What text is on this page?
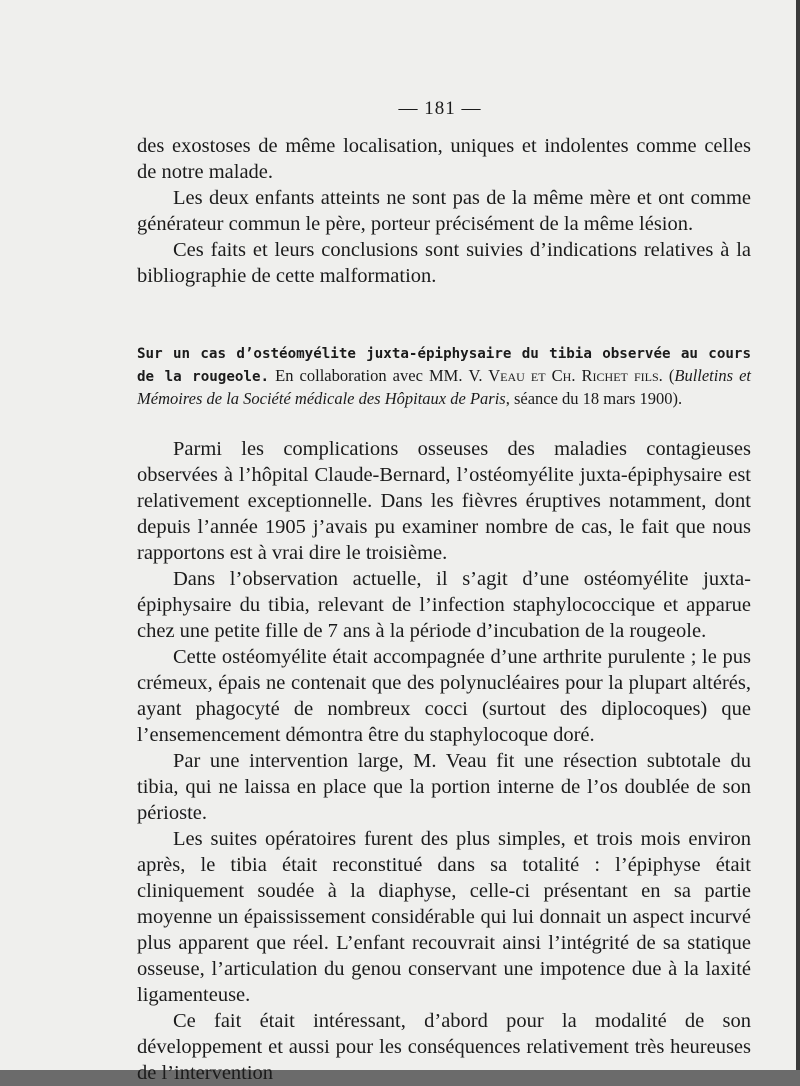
— 181 —

des exostoses de même localisation, uniques et indolentes comme celles de notre malade.

Les deux enfants atteints ne sont pas de la même mère et ont comme générateur commun le père, porteur précisément de la même lésion.

Ces faits et leurs conclusions sont suivies d’indications relatives à la bibliographie de cette malformation.

Sur un cas d’ostéomyélite juxta-épiphysaire du tibia observée au cours de la rougeole. En collaboration avec MM. V. Veau et Ch. Richet fils. (Bulletins et Mémoires de la Société médicale des Hôpitaux de Paris, séance du 18 mars 1900).

Parmi les complications osseuses des maladies contagieuses observées à l’hôpital Claude-Bernard, l’ostéomyélite juxta-épiphysaire est relativement exceptionnelle. Dans les fièvres éruptives notamment, dont depuis l’année 1905 j’avais pu examiner nombre de cas, le fait que nous rapportons est à vrai dire le troisième.

Dans l’observation actuelle, il s’agit d’une ostéomyélite juxta-épiphysaire du tibia, relevant de l’infection staphylococcique et apparue chez une petite fille de 7 ans à la période d’incubation de la rougeole.

Cette ostéomyélite était accompagnée d’une arthrite purulente ; le pus crémeux, épais ne contenait que des polynucléaires pour la plupart altérés, ayant phagocyté de nombreux cocci (surtout des diplocoques) que l’ensemencement démontra être du staphylocoque doré.

Par une intervention large, M. Veau fit une résection subtotale du tibia, qui ne laissa en place que la portion interne de l’os doublée de son périoste.

Les suites opératoires furent des plus simples, et trois mois environ après, le tibia était reconstitué dans sa totalité : l’épiphyse était cliniquement soudée à la diaphyse, celle-ci présentant en sa partie moyenne un épaississement considérable qui lui donnait un aspect incurvé plus apparent que réel. L’enfant recouvrait ainsi l’intégrité de sa statique osseuse, l’articulation du genou conservant une impotence due à la laxité ligamenteuse.

Ce fait était intéressant, d’abord pour la modalité de son développement et aussi pour les conséquences relativement très heureuses de l’intervention
